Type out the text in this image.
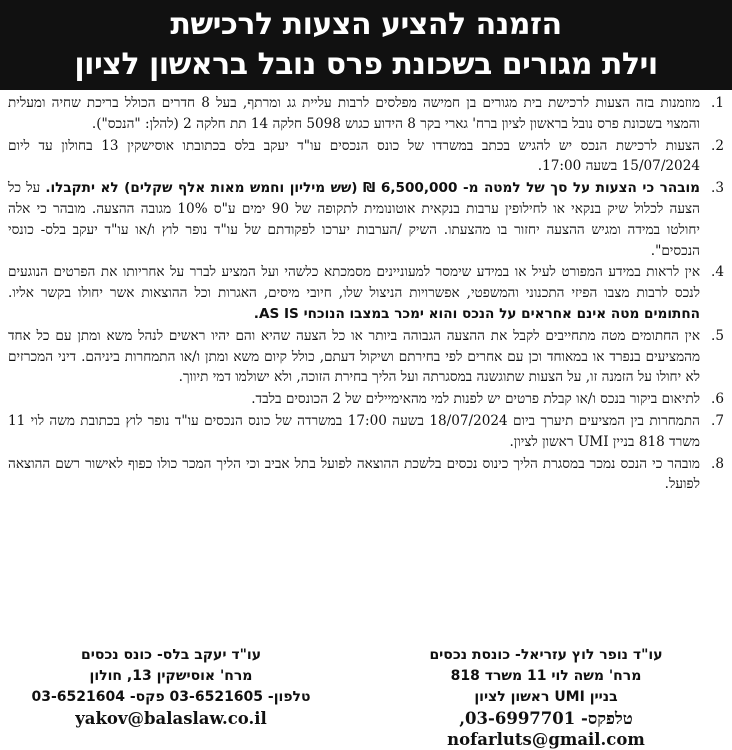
הזמנה להציע הצעות לרכישת
וילת מגורים בשכונת פרס נובל בראשון לציון
1.
מוזמנות בזה הצעות לרכישת בית מגורים בן חמישה מפלסים לרבות עליית גג ומרתף, בעל 8 חדרים הכולל בריכת שחיה ומעלית והמצוי בשכונת פרס נובל בראשון לציון ברח' גארי בקר 8 הידוע כגוש 5098 חלקה 14 תת חלקה 2 (להלן: "הנכס").
2.
הצעות לרכישת הנכס יש להגיש בכתב במשרדו של כונס הנכסים עו"ד יעקב בלס בכתובתו אוסישקין 13 בחולון עד ליום 15/07/2024 בשעה 17:00.
3.
מובהר כי הצעות על סך של למטה מ- 6,500,000 ₪ (שש מיליון וחמש מאות אלף שקלים) לא יתקבלו. על כל הצעה לכלול שיק בנקאי או לחילופין ערבות בנקאית אוטונומית לתקופה של 90 ימים ע"ס 10% מגובה ההצעה. מובהר כי אלה יחולטו במידה ומגיש ההצעה יחזור בו מהצעתו. השיק /הערבות יערכו לפקודתם של עו"ד נופר לוץ ו/או עו"ד יעקב בלס- כונסי הנכסים".
4.
אין לראות במידע המפורט לעיל או במידע שימסר למעוניינים מסמכתא כלשהי ועל המציע לברר על אחריותו את הפרטים הנוגעים לנכס לרבות מצבו הפיזי התכנוני והמשפטי, אפשרויות הניצול שלו, חיובי מיסים, האגרות וכל ההוצאות אשר יחולו בקשר אליו. החתומים מטה אינם אחראים על הנכס והוא ימכר במצבו הנוכחי AS IS.
5.
אין החתומים מטה מתחייבים לקבל את ההצעה הגבוהה ביותר או כל הצעה שהיא והם יהיו ראשים לנהל משא ומתן עם כל אחד מהמציעים בנפרד או במאוחד וכן עם אחרים לפי בחירתם ושיקול דעתם, כולל קיום משא ומתן ו/או התמחרות ביניהם. דיני המכרזים לא יחולו על הזמנה זו, על הצעות שתוגשנה במסגרתה ועל הליך בחירת הזוכה, ולא ישולמו דמי תיווך.
6.
לתיאום ביקור בנכס ו/או קבלת פרטים יש לפנות למי מהאימיילים של 2 הכונסים בלבד.
7.
התמחרות בין המציעים תיערך ביום 18/07/2024 בשעה 17:00 במשרדה של כונס הנכסים עו"ד נופר לוץ בכתובת משה לוי 11 משרד 818 בניין UMI ראשון לציון.
8.
מובהר כי הנכס נמכר במסגרת הליך כינוס נכסים בלשכת ההוצאה לפועל בתל אביב וכי הליך המכר כולו כפוף לאישור רשם ההוצאה לפועל.
עו"ד נופר לוץ עזריאל- כונסת נכסים
מרח' משה לוי 11 משרד 818
בניין UMI ראשון לציון
טלפקס- 03-6997701, nofarluts@gmail.com
עו"ד יעקב בלס- כונס נכסים
מרח' אוסישקין 13, חולון
טלפון- 03-6521605 פקס- 03-6521604
yakov@balaslaw.co.il
